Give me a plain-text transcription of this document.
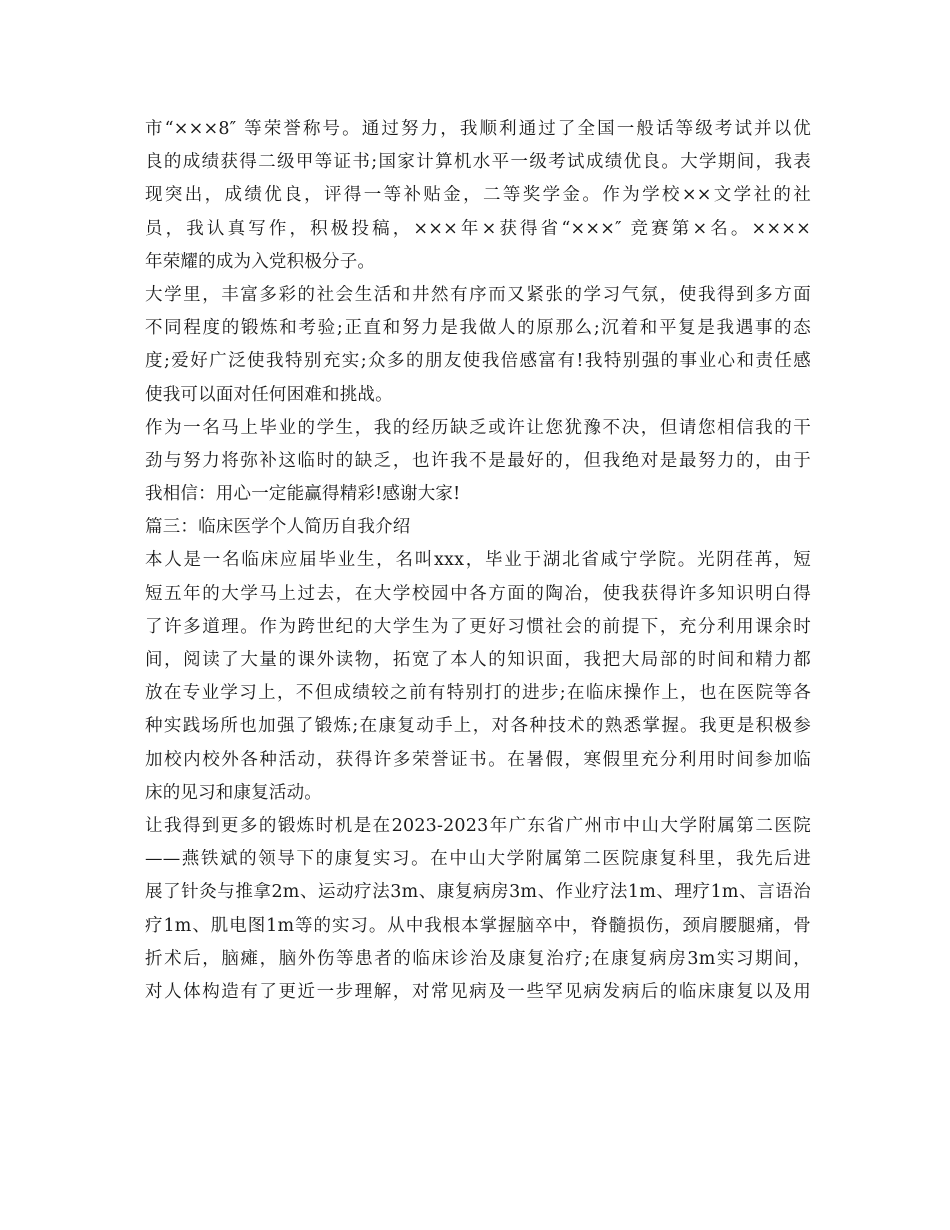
市“×××8″ 等荣誉称号。通过努力，我顺利通过了全国一般话等级考试并以优
良的成绩获得二级甲等证书;国家计算机水平一级考试成绩优良。大学期间，我表
现突出，成绩优良，评得一等补贴金，二等奖学金。作为学校××文学社的社
员，我认真写作，积极投稿，×××年×获得省“×××″ 竞赛第×名。××××
年荣耀的成为入党积极分子。
大学里，丰富多彩的社会生活和井然有序而又紧张的学习气氛，使我得到多方面
不同程度的锻炼和考验;正直和努力是我做人的原那么;沉着和平复是我遇事的态
度;爱好广泛使我特别充实;众多的朋友使我倍感富有!我特别强的事业心和责任感
使我可以面对任何困难和挑战。
作为一名马上毕业的学生，我的经历缺乏或许让您犹豫不决，但请您相信我的干
劲与努力将弥补这临时的缺乏，也许我不是最好的，但我绝对是最努力的，由于
我相信：用心一定能赢得精彩!感谢大家!
篇三：临床医学个人简历自我介绍
本人是一名临床应届毕业生，名叫xxx，毕业于湖北省咸宁学院。光阴荏苒，短
短五年的大学马上过去，在大学校园中各方面的陶冶，使我获得许多知识明白得
了许多道理。作为跨世纪的大学生为了更好习惯社会的前提下，充分利用课余时
间，阅读了大量的课外读物，拓宽了本人的知识面，我把大局部的时间和精力都
放在专业学习上，不但成绩较之前有特别打的进步;在临床操作上，也在医院等各
种实践场所也加强了锻炼;在康复动手上，对各种技术的熟悉掌握。我更是积极参
加校内校外各种活动，获得许多荣誉证书。在暑假，寒假里充分利用时间参加临
床的见习和康复活动。
让我得到更多的锻炼时机是在2023-2023年广东省广州市中山大学附属第二医院
——燕铁斌的领导下的康复实习。在中山大学附属第二医院康复科里，我先后进
展了针灸与推拿2m、运动疗法3m、康复病房3m、作业疗法1m、理疗1m、言语治
疗1m、肌电图1m等的实习。从中我根本掌握脑卒中，脊髓损伤，颈肩腰腿痛，骨
折术后，脑瘫，脑外伤等患者的临床诊治及康复治疗;在康复病房3m实习期间，
对人体构造有了更近一步理解，对常见病及一些罕见病发病后的临床康复以及用
